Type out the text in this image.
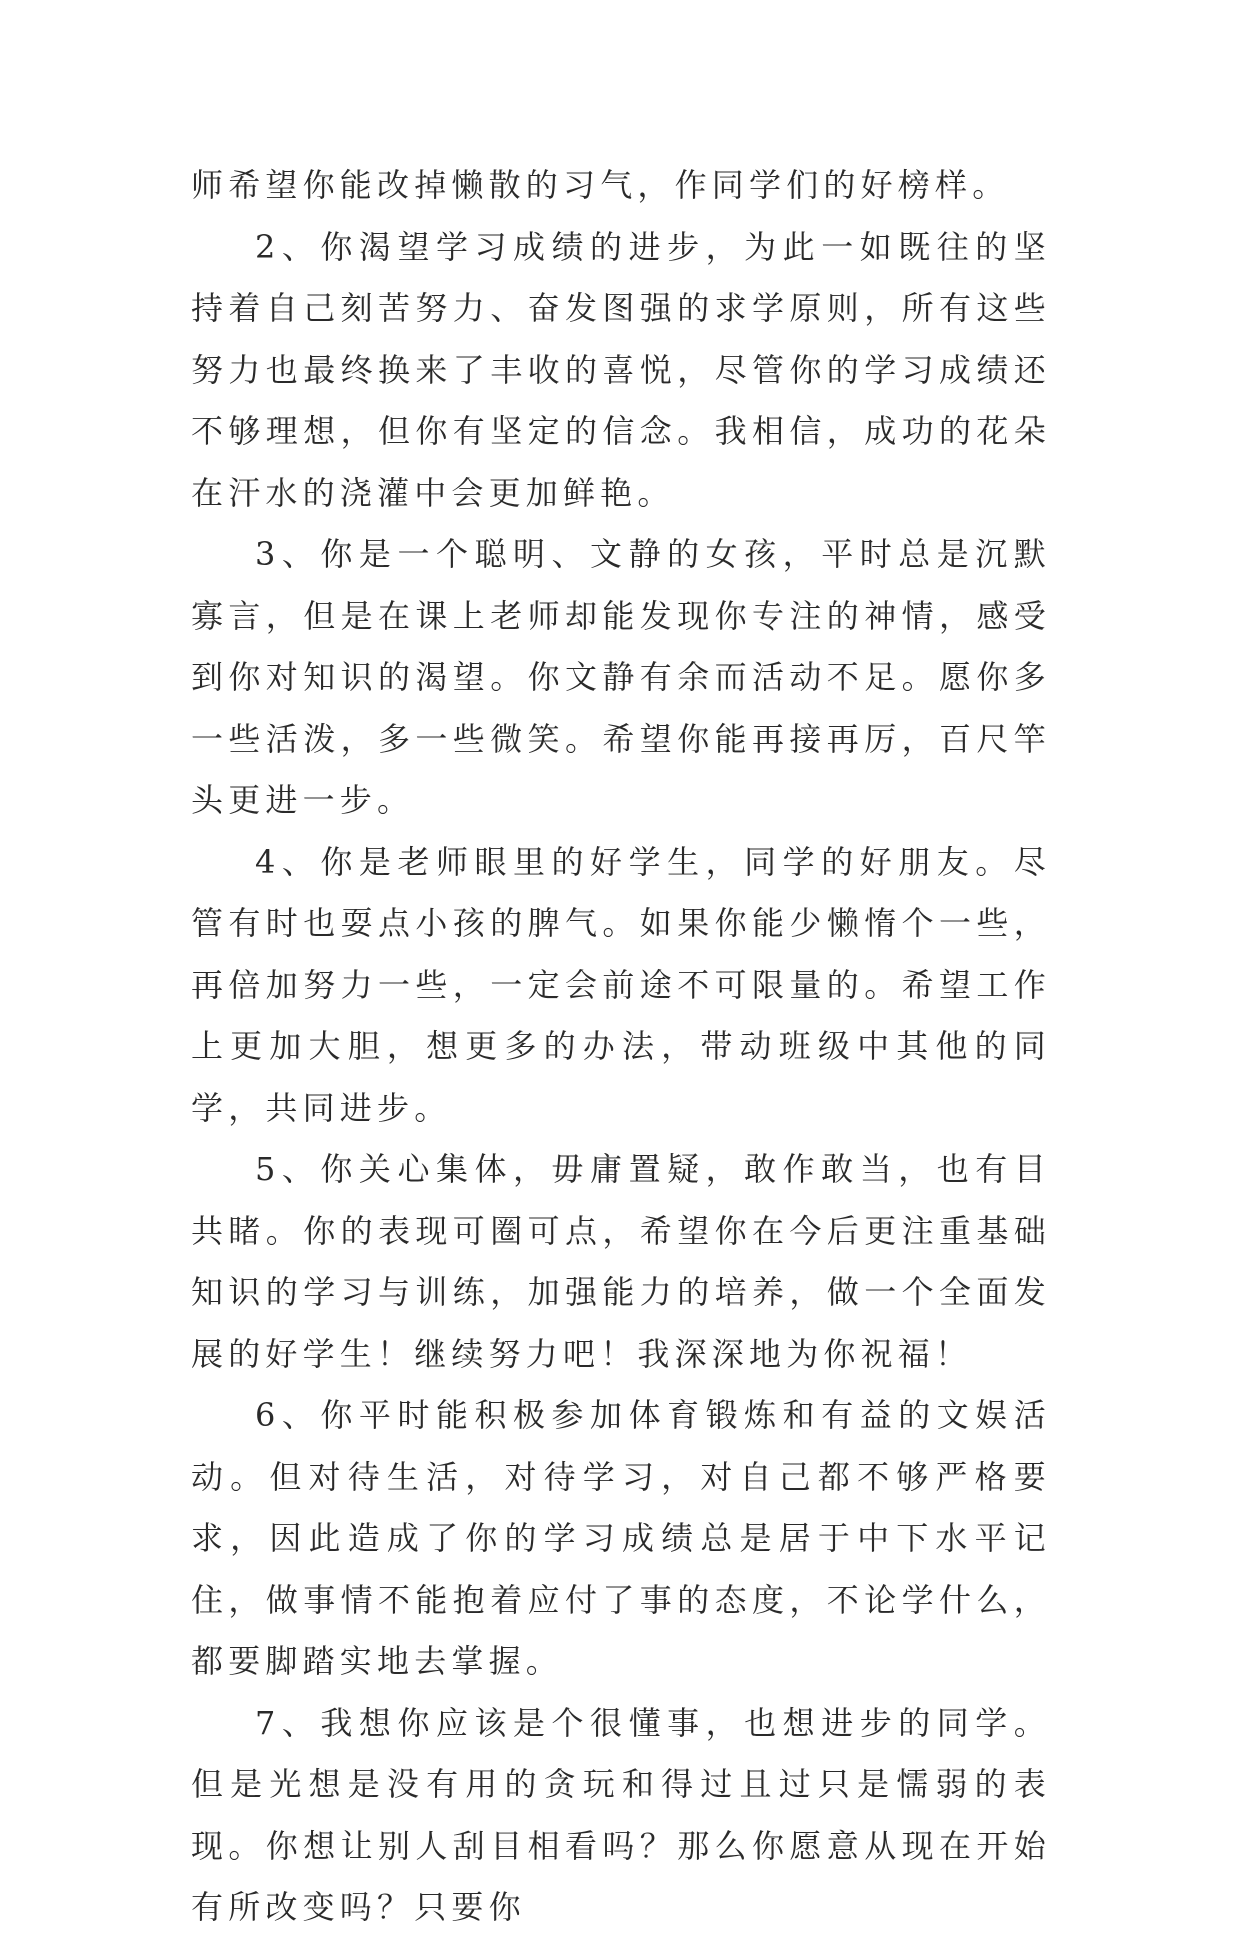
师希望你能改掉懒散的习气，作同学们的好榜样。

2、你渴望学习成绩的进步，为此一如既往的坚持着自己刻苦努力、奋发图强的求学原则，所有这些努力也最终换来了丰收的喜悦，尽管你的学习成绩还不够理想，但你有坚定的信念。我相信，成功的花朵在汗水的浇灌中会更加鲜艳。

3、你是一个聪明、文静的女孩，平时总是沉默寡言，但是在课上老师却能发现你专注的神情，感受到你对知识的渴望。你文静有余而活动不足。愿你多一些活泼，多一些微笑。希望你能再接再厉，百尺竿头更进一步。

4、你是老师眼里的好学生，同学的好朋友。尽管有时也耍点小孩的脾气。如果你能少懒惰个一些，再倍加努力一些，一定会前途不可限量的。希望工作上更加大胆，想更多的办法，带动班级中其他的同学，共同进步。

5、你关心集体，毋庸置疑，敢作敢当，也有目共睹。你的表现可圈可点，希望你在今后更注重基础知识的学习与训练，加强能力的培养，做一个全面发展的好学生！继续努力吧！我深深地为你祝福！

6、你平时能积极参加体育锻炼和有益的文娱活动。但对待生活，对待学习，对自己都不够严格要求，因此造成了你的学习成绩总是居于中下水平记住，做事情不能抱着应付了事的态度，不论学什么，都要脚踏实地去掌握。

7、我想你应该是个很懂事，也想进步的同学。但是光想是没有用的贪玩和得过且过只是懦弱的表现。你想让别人刮目相看吗？那么你愿意从现在开始有所改变吗？只要你
